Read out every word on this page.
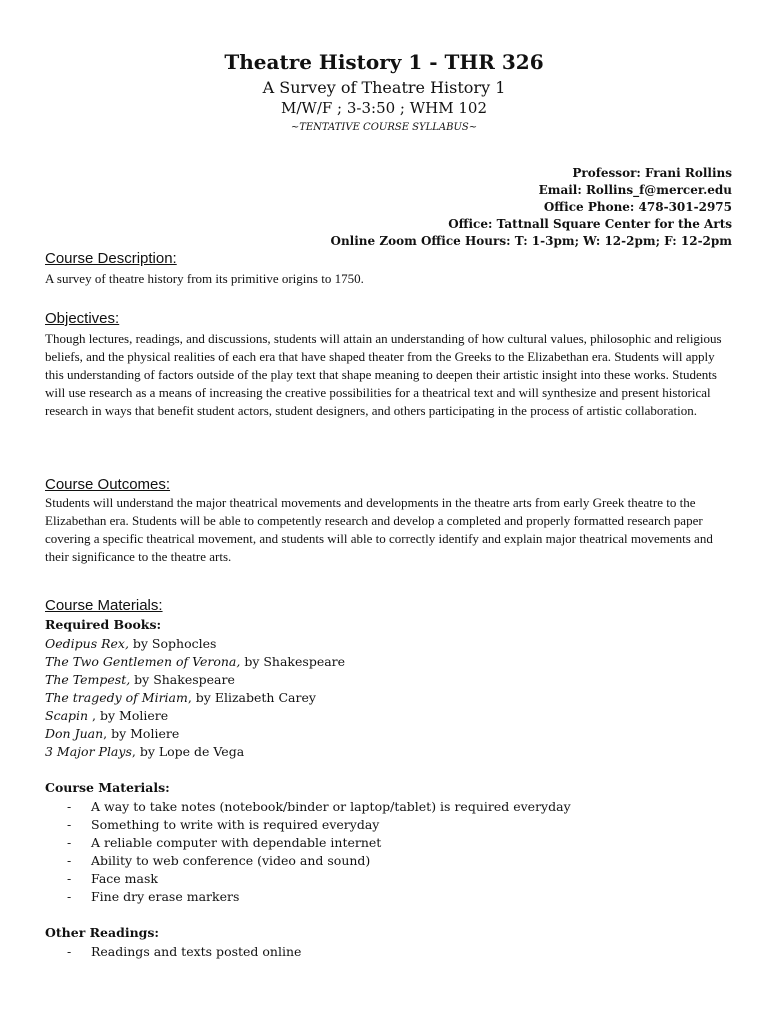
Theatre History 1 - THR 326
A Survey of Theatre History 1
M/W/F ; 3-3:50 ; WHM 102
~TENTATIVE COURSE SYLLABUS~
Professor: Frani Rollins
Email: Rollins_f@mercer.edu
Office Phone: 478-301-2975
Office: Tattnall Square Center for the Arts
Online Zoom Office Hours: T: 1-3pm; W: 12-2pm; F: 12-2pm
Course Description:
A survey of theatre history from its primitive origins to 1750.
Objectives:
Though lectures, readings, and discussions, students will attain an understanding of how cultural values, philosophic and religious beliefs, and the physical realities of each era that have shaped theater from the Greeks to the Elizabethan era. Students will apply this understanding of factors outside of the play text that shape meaning to deepen their artistic insight into these works. Students will use research as a means of increasing the creative possibilities for a theatrical text and will synthesize and present historical research in ways that benefit student actors, student designers, and others participating in the process of artistic collaboration.
Course Outcomes:
Students will understand the major theatrical movements and developments in the theatre arts from early Greek theatre to the Elizabethan era. Students will be able to competently research and develop a completed and properly formatted research paper covering a specific theatrical movement, and students will able to correctly identify and explain major theatrical movements and their significance to the theatre arts.
Course Materials:
Required Books:
Oedipus Rex, by Sophocles
The Two Gentlemen of Verona, by Shakespeare
The Tempest, by Shakespeare
The tragedy of Miriam, by Elizabeth Carey
Scapin , by Moliere
Don Juan, by Moliere
3 Major Plays, by Lope de Vega
Course Materials:
-	A way to take notes (notebook/binder or laptop/tablet) is required everyday
-	Something to write with is required everyday
-	A reliable computer with dependable internet
-	Ability to web conference (video and sound)
-	Face mask
-	Fine dry erase markers
Other Readings:
-	Readings and texts posted online
